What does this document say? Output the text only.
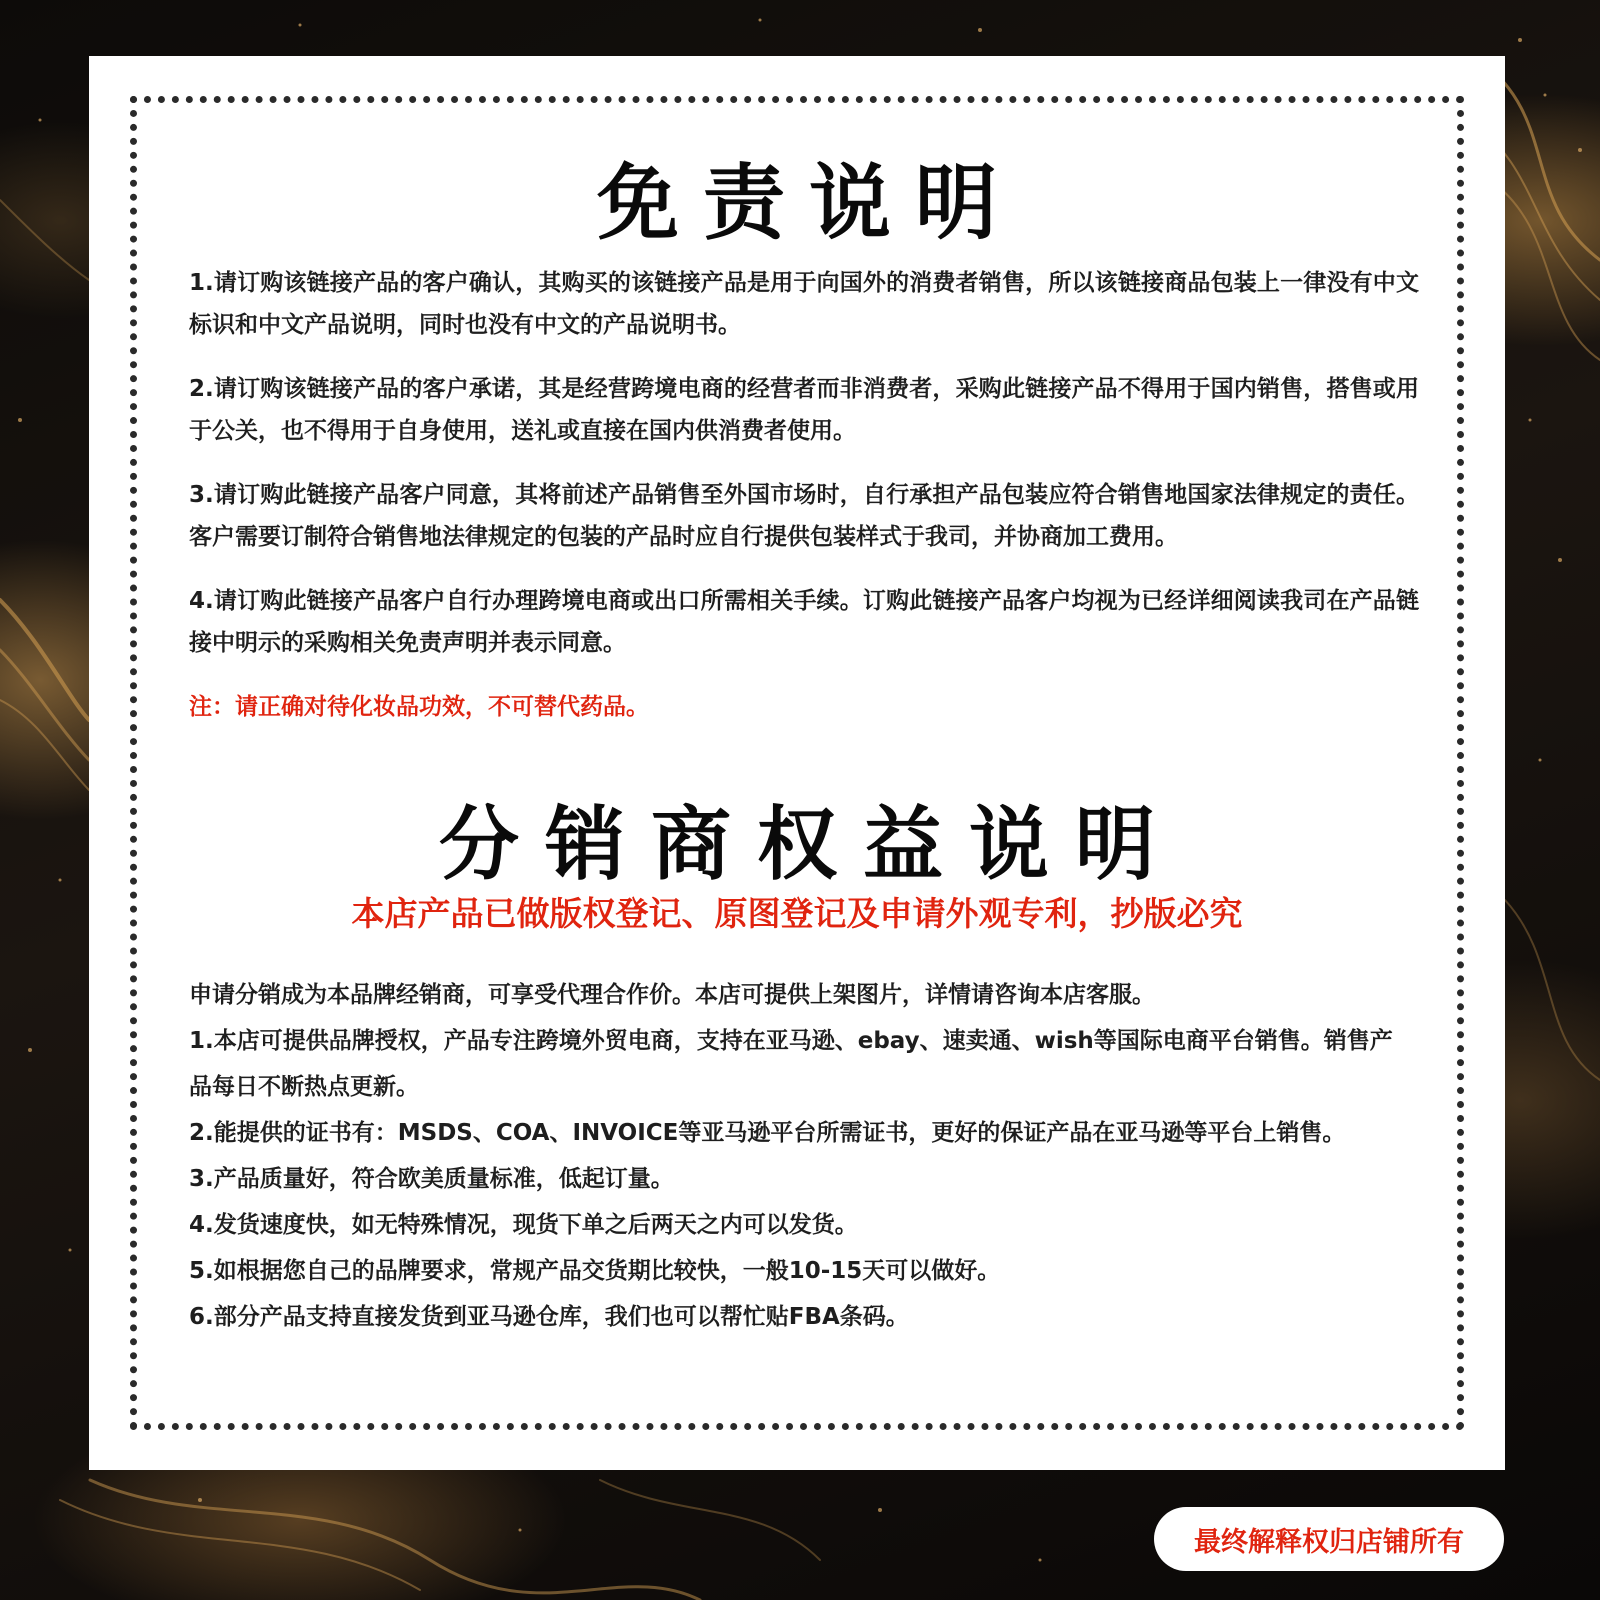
免责说明

1.请订购该链接产品的客户确认，其购买的该链接产品是用于向国外的消费者销售，所以该链接商品包装上一律没有中文标识和中文产品说明，同时也没有中文的产品说明书。

2.请订购该链接产品的客户承诺，其是经营跨境电商的经营者而非消费者，采购此链接产品不得用于国内销售，搭售或用于公关，也不得用于自身使用，送礼或直接在国内供消费者使用。

3.请订购此链接产品客户同意，其将前述产品销售至外国市场时，自行承担产品包装应符合销售地国家法律规定的责任。客户需要订制符合销售地法律规定的包装的产品时应自行提供包装样式于我司，并协商加工费用。

4.请订购此链接产品客户自行办理跨境电商或出口所需相关手续。订购此链接产品客户均视为已经详细阅读我司在产品链接中明示的采购相关免责声明并表示同意。

注：请正确对待化妆品功效，不可替代药品。

分销商权益说明

本店产品已做版权登记、原图登记及申请外观专利，抄版必究

申请分销成为本品牌经销商，可享受代理合作价。本店可提供上架图片，详情请咨询本店客服。

1.本店可提供品牌授权，产品专注跨境外贸电商，支持在亚马逊、ebay、速卖通、wish等国际电商平台销售。销售产品每日不断热点更新。

2.能提供的证书有：MSDS、COA、INVOICE等亚马逊平台所需证书，更好的保证产品在亚马逊等平台上销售。

3.产品质量好，符合欧美质量标准，低起订量。

4.发货速度快，如无特殊情况，现货下单之后两天之内可以发货。

5.如根据您自己的品牌要求，常规产品交货期比较快，一般10-15天可以做好。

6.部分产品支持直接发货到亚马逊仓库，我们也可以帮忙贴FBA条码。

最终解释权归店铺所有
